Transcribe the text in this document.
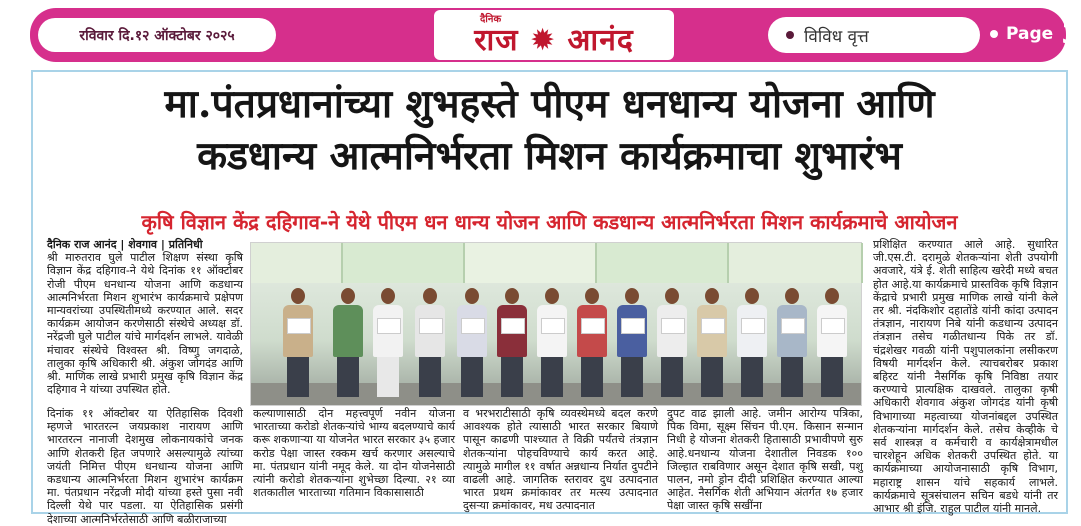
रविवार दि.१२ ऑक्टोबर २०२५
दैनिक
राज ✹ आनंद	विविध वृत्त	Page 3
मा.पंतप्रधानांच्या शुभहस्ते पीएम धनधान्य योजना आणि
कडधान्य आत्मनिर्भरता मिशन कार्यक्रमाचा शुभारंभ
कृषि विज्ञान केंद्र दहिगाव-ने येथे पीएम धन धान्य योजन आणि कडधान्य आत्मनिर्भरता मिशन कार्यक्रमाचे आयोजन
दैनिक राज आनंद | शेवगाव | प्रतिनिधी
श्री मारुतराव घुले पाटील शिक्षण संस्था कृषि विज्ञान केंद्र दहिगाव-ने येथे दिनांक ११ ऑक्टोबर रोजी पीएम धनधान्य योजना आणि कडधान्य आत्मनिर्भरता मिशन शुभारंभ कार्यक्रमाचे प्रक्षेपण मान्यवरांच्या उपस्थितीमध्ये करण्यात आले. सदर कार्यक्रम आयोजन करणेसाठी संस्थेचे अध्यक्ष डॉ. नरेंद्रजी घुले पाटील यांचे मार्गदर्शन लाभले. यावेळी मंचावर संस्थेचे विश्वस्त श्री. विष्णु जगदाळे, तालुका कृषि अधिकारी श्री. अंकुश जोगदंड आणि श्री. माणिक लाखे प्रभारी प्रमुख कृषि विज्ञान केंद्र दहिगाव ने यांच्या उपस्थित होते.
दिनांक ११ ऑक्टोबर या ऐतिहासिक दिवशी म्हणजे भारतरत्न जयप्रकाश नारायण आणि भारतरत्न नानाजी देशमुख लोकनायकांचे जनक आणि शेतकरी हित जपणारे असल्यामुळे त्यांच्या जयंती निमित्त पीएम धनधान्य योजना आणि कडधान्य आत्मनिर्भरता मिशन शुभारंभ कार्यक्रम मा. पंतप्रधान नरेंद्रजी मोदी यांच्या हस्ते पुसा नवी दिल्ली येथे पार पडला. या ऐतिहासिक प्रसंगी देशाच्या आत्मनिर्भरतेसाठी आणि बळीराजाच्या
कल्याणासाठी दोन महत्त्वपूर्ण नवीन योजना भारताच्या करोडो शेतकऱ्यांचे भाग्य बदलण्याचे कार्य करू शकणाऱ्या या योजनेत भारत सरकार ३५ हजार करोड पेक्षा जास्त रक्कम खर्च करणार असल्याचे मा. पंतप्रधान यांनी नमूद केले. या दोन योजनेसाठी त्यांनी करोडो शेतकऱ्यांना शुभेच्छा दिल्या. २१ व्या शतकातील भारताच्या गतिमान विकासासाठी
व भरभराटीसाठी कृषि व्यवस्थेमध्ये बदल करणे आवश्यक होते त्यासाठी भारत सरकार बियाणे पासून काढणी पाश्च्यात ते विक्री पर्यंतचे तंत्रज्ञान शेतकऱ्यांना पोहचविण्याचे कार्य करत आहे. त्यामुळे मागील ११ वर्षात अन्नधान्य निर्यात दुपटीने वाढली आहे. जागतिक स्तरावर दुध उत्पादनात भारत प्रथम क्रमांकावर तर मत्स्य उत्पादनात दुसऱ्या क्रमांकावर, मध उत्पादनात
दुपट वाढ झाली आहे. जमीन आरोग्य पत्रिका, पिक विमा, सूक्ष्म सिंचन पी.एम. किसान सन्मान निधी हे योजना शेतकरी हितासाठी प्रभावीपणे सुरु आहे.धनधान्य योजना देशातील निवडक १०० जिल्हात राबविणार असून देशात कृषि सखी, पशु पालन, नमो ड्रोन दीदी प्रशिक्षित करण्यात आल्या आहेत. नैसर्गिक शेती अभियान अंतर्गत १७ हजार पेक्षा जास्त कृषि सखींना
प्रशिक्षित करण्यात आले आहे. सुधारित जी.एस.टी. दरामुळे शेतकऱ्यांना शेती उपयोगी अवजारे, यंत्रे ई. शेती साहित्य खरेदी मध्ये बचत होत आहे.या कार्यक्रमाचे प्रास्तविक कृषि विज्ञान केंद्राचे प्रभारी प्रमुख माणिक लाखे यांनी केले तर श्री. नंदकिशोर दहातोंडे यांनी कांदा उत्पादन तंत्रज्ञान, नारायण निबे यांनी कडधान्य उत्पादन तंत्रज्ञान तसेच गळीतधान्य पिके तर डॉ. चंद्रशेखर गवळी यांनी पशुपालकांना लसीकरण विषयी मार्गदर्शन केले. त्याचबरोबर प्रकाश बहिरट यांनी नैसर्गिक कृषि निविष्ठा तयार करण्याचे प्रात्यक्षिक दाखवले. तालुका कृषी अधिकारी शेवगाव अंकुश जोगदंड यांनी कृषी विभागाच्या महत्वाच्या योजनांबद्दल उपस्थित शेतकऱ्यांना मार्गदर्शन केले. तसेच केव्हीके चे सर्व शास्त्रज्ञ व कर्मचारी व कार्यक्षेत्रामधील चारशेहून अधिक शेतकरी उपस्थित होते. या कार्यक्रमाच्या आयोजनासाठी कृषि विभाग, महाराष्ट्र शासन यांचे सहकार्य लाभले. कार्यक्रमाचे सूत्रसंचालन सचिन बडधे यांनी तर आभार श्री इंजि. राहुल पाटील यांनी मानले.
